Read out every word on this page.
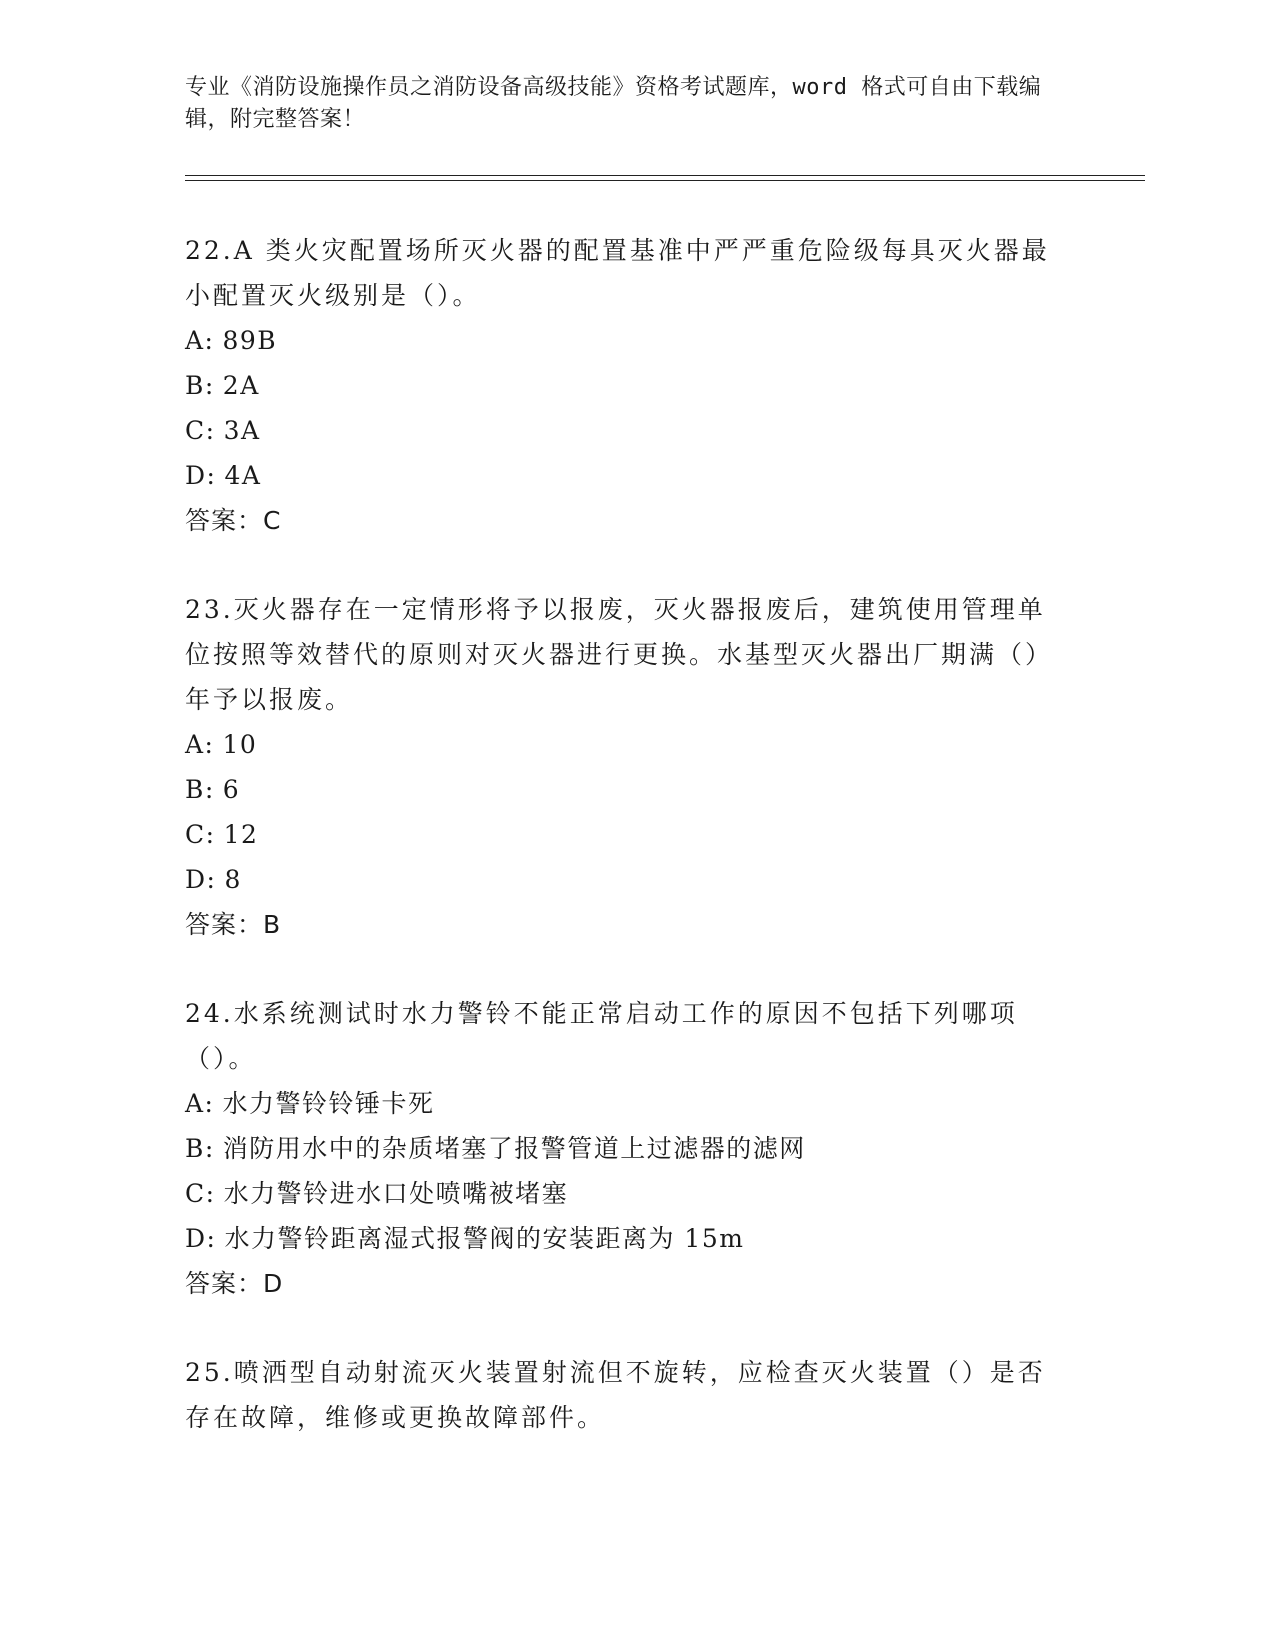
专业《消防设施操作员之消防设备高级技能》资格考试题库，word 格式可自由下载编辑，附完整答案！

22.A 类火灾配置场所灭火器的配置基准中严严重危险级每具灭火器最小配置灭火级别是（）。

A: 89B
B: 2A
C: 3A
D: 4A
答案：C

23.灭火器存在一定情形将予以报废，灭火器报废后，建筑使用管理单位按照等效替代的原则对灭火器进行更换。水基型灭火器出厂期满（）年予以报废。

A: 10
B: 6
C: 12
D: 8
答案：B

24.水系统测试时水力警铃不能正常启动工作的原因不包括下列哪项（）。

A: 水力警铃铃锤卡死
B: 消防用水中的杂质堵塞了报警管道上过滤器的滤网
C: 水力警铃进水口处喷嘴被堵塞
D: 水力警铃距离湿式报警阀的安装距离为 15m
答案：D

25.喷洒型自动射流灭火装置射流但不旋转，应检查灭火装置（）是否存在故障，维修或更换故障部件。
